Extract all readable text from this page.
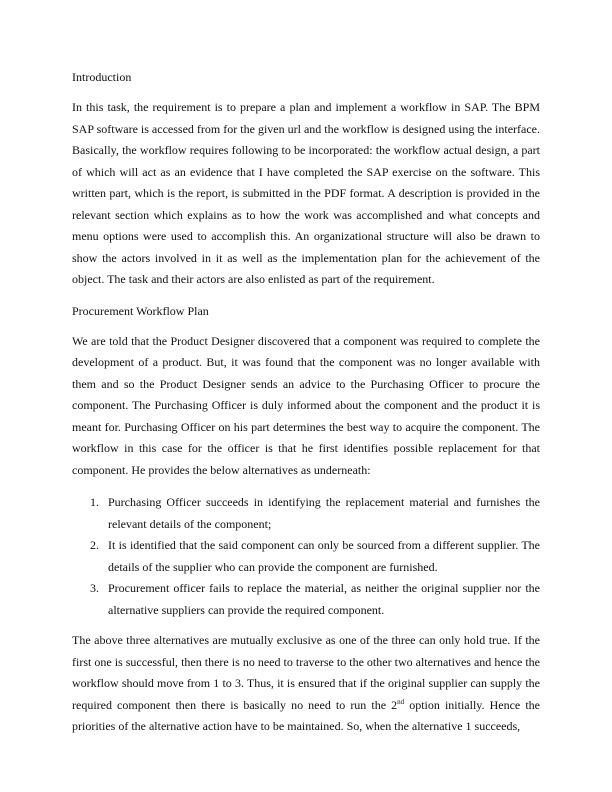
Introduction

In this task, the requirement is to prepare a plan and implement a workflow in SAP. The BPM SAP software is accessed from for the given url and the workflow is designed using the interface. Basically, the workflow requires following to be incorporated: the workflow actual design, a part of which will act as an evidence that I have completed the SAP exercise on the software. This written part, which is the report, is submitted in the PDF format. A description is provided in the relevant section which explains as to how the work was accomplished and what concepts and menu options were used to accomplish this. An organizational structure will also be drawn to show the actors involved in it as well as the implementation plan for the achievement of the object. The task and their actors are also enlisted as part of the requirement.

Procurement Workflow Plan

We are told that the Product Designer discovered that a component was required to complete the development of a product. But, it was found that the component was no longer available with them and so the Product Designer sends an advice to the Purchasing Officer to procure the component. The Purchasing Officer is duly informed about the component and the product it is meant for. Purchasing Officer on his part determines the best way to acquire the component. The workflow in this case for the officer is that he first identifies possible replacement for that component. He provides the below alternatives as underneath:

1. Purchasing Officer succeeds in identifying the replacement material and furnishes the relevant details of the component;
2. It is identified that the said component can only be sourced from a different supplier. The details of the supplier who can provide the component are furnished.
3. Procurement officer fails to replace the material, as neither the original supplier nor the alternative suppliers can provide the required component.

The above three alternatives are mutually exclusive as one of the three can only hold true. If the first one is successful, then there is no need to traverse to the other two alternatives and hence the workflow should move from 1 to 3. Thus, it is ensured that if the original supplier can supply the required component then there is basically no need to run the 2nd option initially. Hence the priorities of the alternative action have to be maintained. So, when the alternative 1 succeeds,
